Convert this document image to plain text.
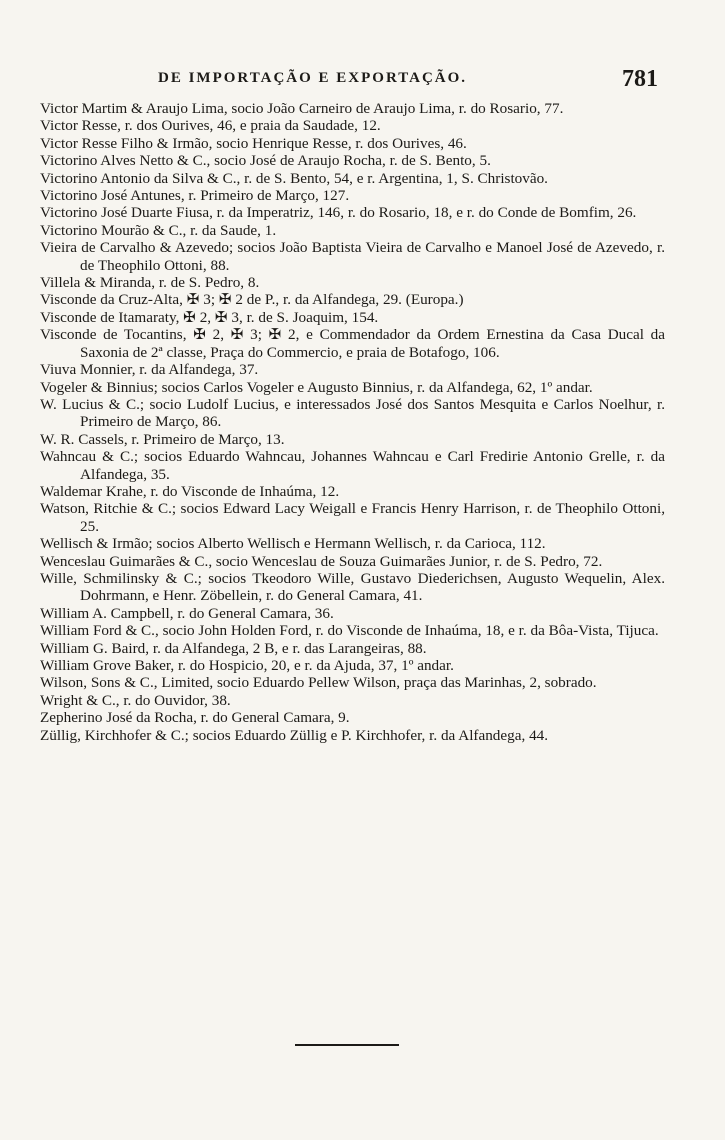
DE IMPORTAÇÃO E EXPORTAÇÃO.	781
Victor Martim & Araujo Lima, socio João Carneiro de Araujo Lima, r. do Rosario, 77.
Victor Resse, r. dos Ourives, 46, e praia da Saudade, 12.
Victor Resse Filho & Irmão, socio Henrique Resse, r. dos Ourives, 46.
Victorino Alves Netto & C., socio José de Araujo Rocha, r. de S. Bento, 5.
Victorino Antonio da Silva & C., r. de S. Bento, 54, e r. Argentina, 1, S. Christovão.
Victorino José Antunes, r. Primeiro de Março, 127.
Victorino José Duarte Fiusa, r. da Imperatriz, 146, r. do Rosario, 18, e r. do Conde de Bomfim, 26.
Victorino Mourão & C., r. da Saude, 1.
Vieira de Carvalho & Azevedo; socios João Baptista Vieira de Carvalho e Manoel José de Azevedo, r. de Theophilo Ottoni, 88.
Villela & Miranda, r. de S. Pedro, 8.
Visconde da Cruz-Alta, ✠ 3; ✠ 2 de P., r. da Alfandega, 29. (Europa.)
Visconde de Itamaraty, ✠ 2, ✠ 3, r. de S. Joaquim, 154.
Visconde de Tocantins, ✠ 2, ✠ 3; ✠ 2, e Commendador da Ordem Ernestina da Casa Ducal da Saxonia de 2ª classe, Praça do Commercio, e praia de Botafogo, 106.
Viuva Monnier, r. da Alfandega, 37.
Vogeler & Binnius; socios Carlos Vogeler e Augusto Binnius, r. da Alfandega, 62, 1º andar.
W. Lucius & C.; socio Ludolf Lucius, e interessados José dos Santos Mesquita e Carlos Noelhur, r. Primeiro de Março, 86.
W. R. Cassels, r. Primeiro de Março, 13.
Wahncau & C.; socios Eduardo Wahncau, Johannes Wahncau e Carl Fredirie Antonio Grelle, r. da Alfandega, 35.
Waldemar Krahe, r. do Visconde de Inhaúma, 12.
Watson, Ritchie & C.; socios Edward Lacy Weigall e Francis Henry Harrison, r. de Theophilo Ottoni, 25.
Wellisch & Irmão; socios Alberto Wellisch e Hermann Wellisch, r. da Carioca, 112.
Wenceslau Guimarães & C., socio Wenceslau de Souza Guimarães Junior, r. de S. Pedro, 72.
Wille, Schmilinsky & C.; socios Tkeodoro Wille, Gustavo Diederichsen, Augusto Wequelin, Alex. Dohrmann, e Henr. Zöbellein, r. do General Camara, 41.
William A. Campbell, r. do General Camara, 36.
William Ford & C., socio John Holden Ford, r. do Visconde de Inhaúma, 18, e r. da Bôa-Vista, Tijuca.
William G. Baird, r. da Alfandega, 2 B, e r. das Larangeiras, 88.
William Grove Baker, r. do Hospicio, 20, e r. da Ajuda, 37, 1º andar.
Wilson, Sons & C., Limited, socio Eduardo Pellew Wilson, praça das Marinhas, 2, sobrado.
Wright & C., r. do Ouvidor, 38.
Zepherino José da Rocha, r. do General Camara, 9.
Züllig, Kirchhofer & C.; socios Eduardo Züllig e P. Kirchhofer, r. da Alfandega, 44.
